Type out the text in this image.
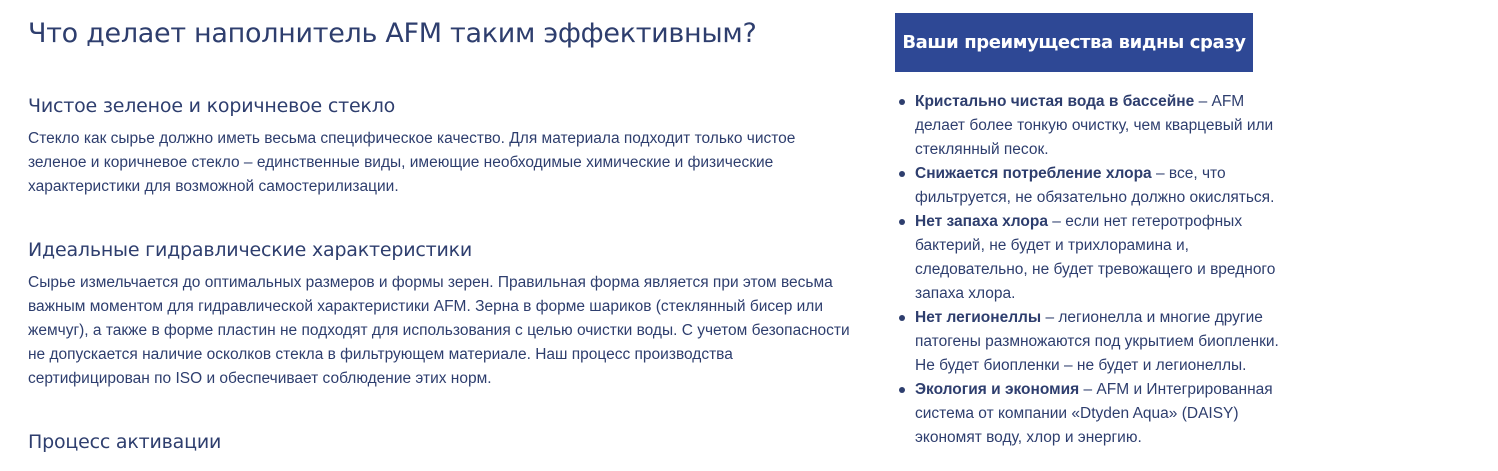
Что делает наполнитель AFM таким эффективным?
Чистое зеленое и коричневое стекло

Стекло как сырье должно иметь весьма специфическое качество. Для материала подходит только чистое зеленое и коричневое стекло – единственные виды, имеющие необходимые химические и физические характеристики для возможной самостерилизации.

Идеальные гидравлические характеристики

Сырье измельчается до оптимальных размеров и формы зерен. Правильная форма является при этом весьма важным моментом для гидравлической характеристики AFM. Зерна в форме шариков (стеклянный бисер или жемчуг), а также в форме пластин не подходят для использования с целью очистки воды. С учетом безопасности не допускается наличие осколков стекла в фильтрующем материале. Наш процесс производства сертифицирован по ISO и обеспечивает соблюдение этих норм.

Процесс активации

Ваши преимущества видны сразу
Кристально чистая вода в бассейне – AFM делает более тонкую очистку, чем кварцевый или стеклянный песок.
Снижается потребление хлора – все, что фильтруется, не обязательно должно окисляться.
Нет запаха хлора – если нет гетеротрофных бактерий, не будет и трихлорамина и, следовательно, не будет тревожащего и вредного запаха хлора.
Нет легионеллы – легионелла и многие другие патогены размножаются под укрытием биопленки. Не будет биопленки – не будет и легионеллы.
Экология и экономия – AFM и Интегрированная система от компании «Dtyden Aqua» (DAISY) экономят воду, хлор и энергию.
